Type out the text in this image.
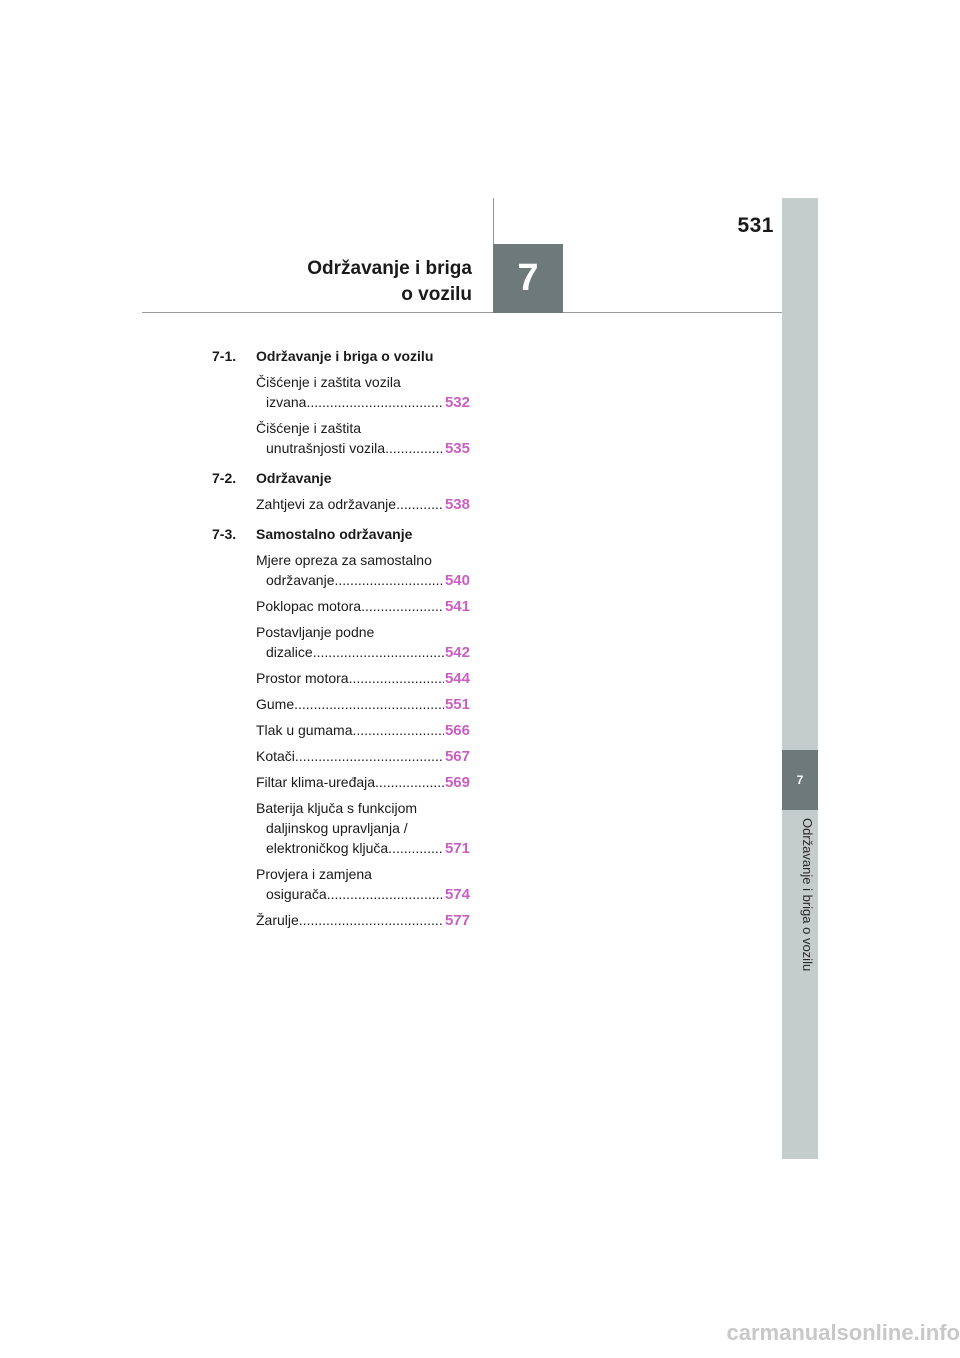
531
Održavanje i briga
o vozilu	7
7
Održavanje i briga o vozilu
7-1.	Održavanje i briga o vozilu
Čišćenje i zaštita vozila
izvana .....	532
Čišćenje i zaštita
unutrašnjosti vozila .....	535
7-2.	Održavanje
Zahtjevi za održavanje .....	538
7-3.	Samostalno održavanje
Mjere opreza za samostalno
održavanje .....	540
Poklopac motora .....	541
Postavljanje podne
dizalice .....	542
Prostor motora .....	544
Gume .....	551
Tlak u gumama .....	566
Kotači .....	567
Filtar klima-uređaja .....	569
Baterija ključa s funkcijom
daljinskog upravljanja /
elektroničkog ključa .....	571
Provjera i zamjena
osigurača .....	574
Žarulje .....	577
carmanualsonline.info
